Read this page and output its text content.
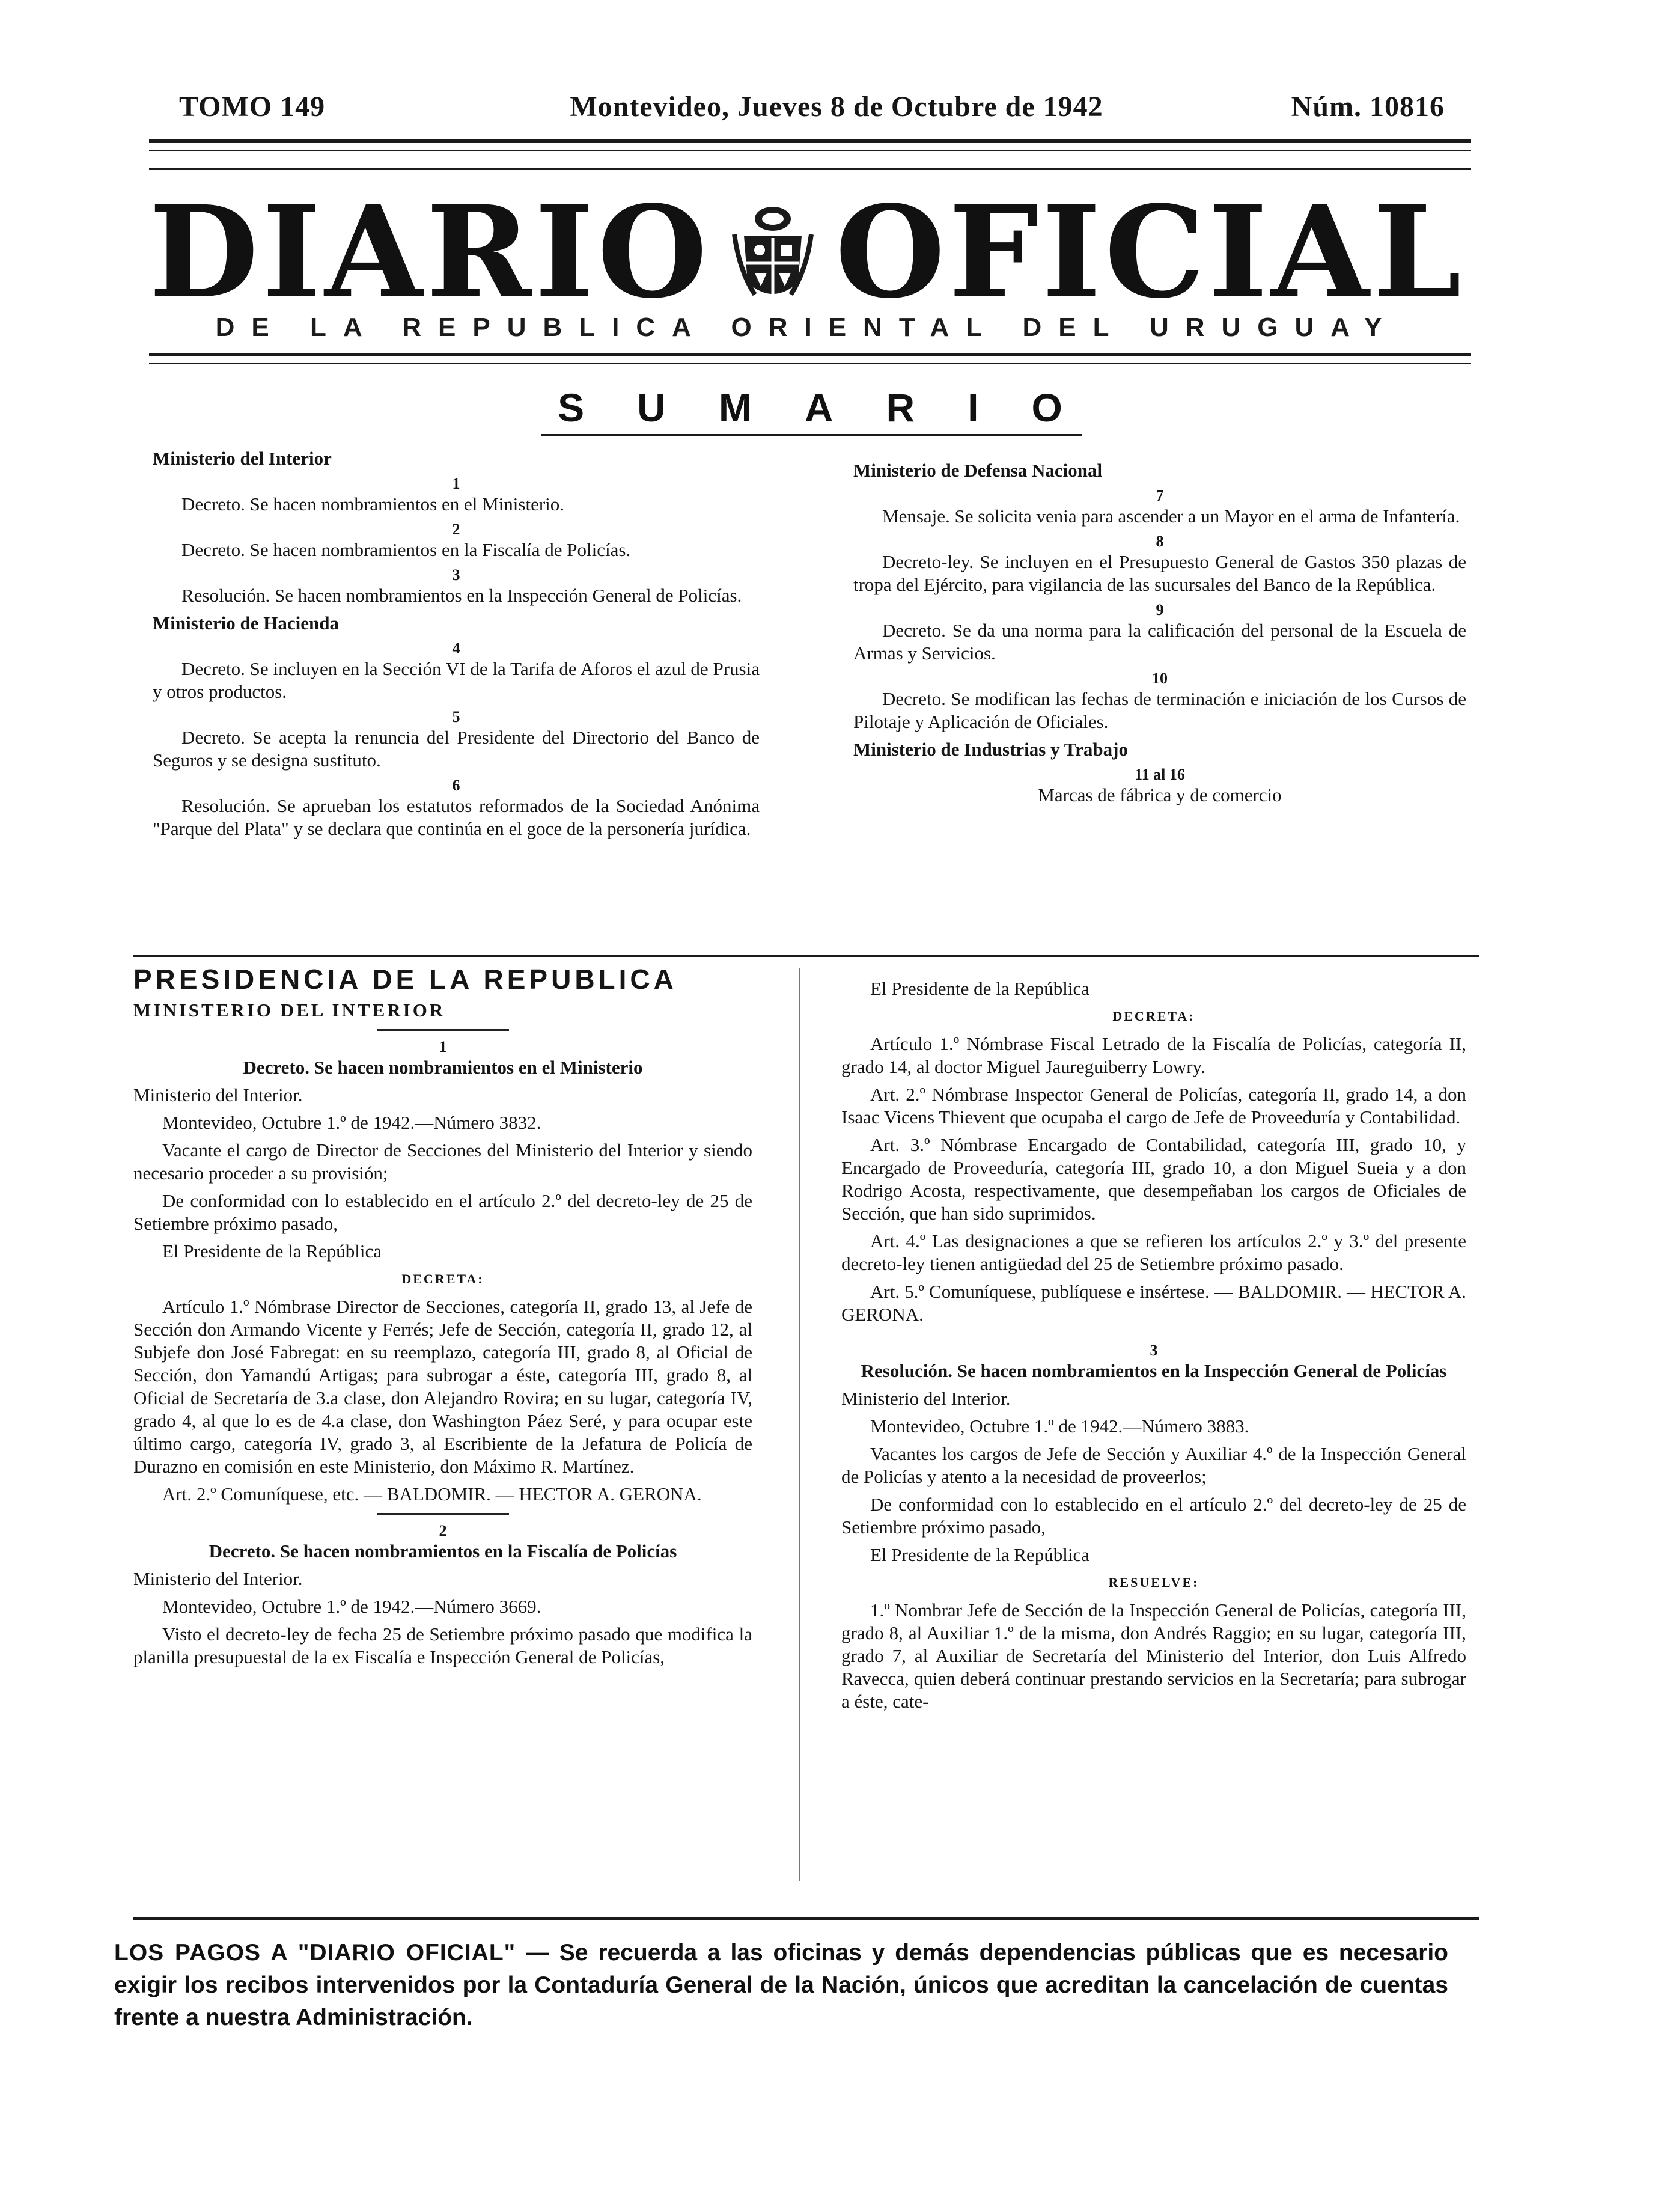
TOMO 149	Montevideo, Jueves 8 de Octubre de 1942	Núm. 10816
DIARIO OFICIAL
DE LA REPUBLICA ORIENTAL DEL URUGUAY
SUMARIO

Ministerio del Interior

1

Decreto. Se hacen nombramientos en el Ministerio.

2

Decreto. Se hacen nombramientos en la Fiscalía de Policías.

3

Resolución. Se hacen nombramientos en la Inspección General de Policías.

Ministerio de Hacienda

4

Decreto. Se incluyen en la Sección VI de la Tarifa de Aforos el azul de Prusia y otros productos.

5

Decreto. Se acepta la renuncia del Presidente del Directorio del Banco de Seguros y se designa sustituto.

6

Resolución. Se aprueban los estatutos reformados de la Sociedad Anónima "Parque del Plata" y se declara que continúa en el goce de la personería jurídica.

Ministerio de Defensa Nacional

7

Mensaje. Se solicita venia para ascender a un Mayor en el arma de Infantería.

8

Decreto-ley. Se incluyen en el Presupuesto General de Gastos 350 plazas de tropa del Ejército, para vigilancia de las sucursales del Banco de la República.

9

Decreto. Se da una norma para la calificación del personal de la Escuela de Armas y Servicios.

10

Decreto. Se modifican las fechas de terminación e iniciación de los Cursos de Pilotaje y Aplicación de Oficiales.

Ministerio de Industrias y Trabajo

11 al 16

Marcas de fábrica y de comercio

PRESIDENCIA DE LA REPUBLICA

MINISTERIO DEL INTERIOR

1

Decreto. Se hacen nombramientos en el Ministerio

Ministerio del Interior.

Montevideo, Octubre 1.º de 1942.—Número 3832.

Vacante el cargo de Director de Secciones del Ministerio del Interior y siendo necesario proceder a su provisión;

De conformidad con lo establecido en el artículo 2.º del decreto-ley de 25 de Setiembre próximo pasado,

El Presidente de la República

DECRETA:

Artículo 1.º Nómbrase Director de Secciones, categoría II, grado 13, al Jefe de Sección don Armando Vicente y Ferrés; Jefe de Sección, categoría II, grado 12, al Subjefe don José Fabregat: en su reemplazo, categoría III, grado 8, al Oficial de Sección, don Yamandú Artigas; para subrogar a éste, categoría III, grado 8, al Oficial de Secretaría de 3.a clase, don Alejandro Rovira; en su lugar, categoría IV, grado 4, al que lo es de 4.a clase, don Washington Páez Seré, y para ocupar este último cargo, categoría IV, grado 3, al Escribiente de la Jefatura de Policía de Durazno en comisión en este Ministerio, don Máximo R. Martínez.

Art. 2.º Comuníquese, etc. — BALDOMIR. — HECTOR A. GERONA.

2

Decreto. Se hacen nombramientos en la Fiscalía de Policías

Ministerio del Interior.

Montevideo, Octubre 1.º de 1942.—Número 3669.

Visto el decreto-ley de fecha 25 de Setiembre próximo pasado que modifica la planilla presupuestal de la ex Fiscalía e Inspección General de Policías,

El Presidente de la República

DECRETA:

Artículo 1.º Nómbrase Fiscal Letrado de la Fiscalía de Policías, categoría II, grado 14, al doctor Miguel Jaureguiberry Lowry.

Art. 2.º Nómbrase Inspector General de Policías, categoría II, grado 14, a don Isaac Vicens Thievent que ocupaba el cargo de Jefe de Proveeduría y Contabilidad.

Art. 3.º Nómbrase Encargado de Contabilidad, categoría III, grado 10, y Encargado de Proveeduría, categoría III, grado 10, a don Miguel Sueia y a don Rodrigo Acosta, respectivamente, que desempeñaban los cargos de Oficiales de Sección, que han sido suprimidos.

Art. 4.º Las designaciones a que se refieren los artículos 2.º y 3.º del presente decreto-ley tienen antigüedad del 25 de Setiembre próximo pasado.

Art. 5.º Comuníquese, publíquese e insértese. — BALDOMIR. — HECTOR A. GERONA.

3

Resolución. Se hacen nombramientos en la Inspección General de Policías

Ministerio del Interior.

Montevideo, Octubre 1.º de 1942.—Número 3883.

Vacantes los cargos de Jefe de Sección y Auxiliar 4.º de la Inspección General de Policías y atento a la necesidad de proveerlos;

De conformidad con lo establecido en el artículo 2.º del decreto-ley de 25 de Setiembre próximo pasado,

El Presidente de la República

RESUELVE:

1.º Nombrar Jefe de Sección de la Inspección General de Policías, categoría III, grado 8, al Auxiliar 1.º de la misma, don Andrés Raggio; en su lugar, categoría III, grado 7, al Auxiliar de Secretaría del Ministerio del Interior, don Luis Alfredo Ravecca, quien deberá continuar prestando servicios en la Secretaría; para subrogar a éste, cate-

LOS PAGOS A "DIARIO OFICIAL" — Se recuerda a las oficinas y demás dependencias públicas que es necesario exigir los recibos intervenidos por la Contaduría General de la Nación, únicos que acreditan la cancelación de cuentas frente a nuestra Administración.
